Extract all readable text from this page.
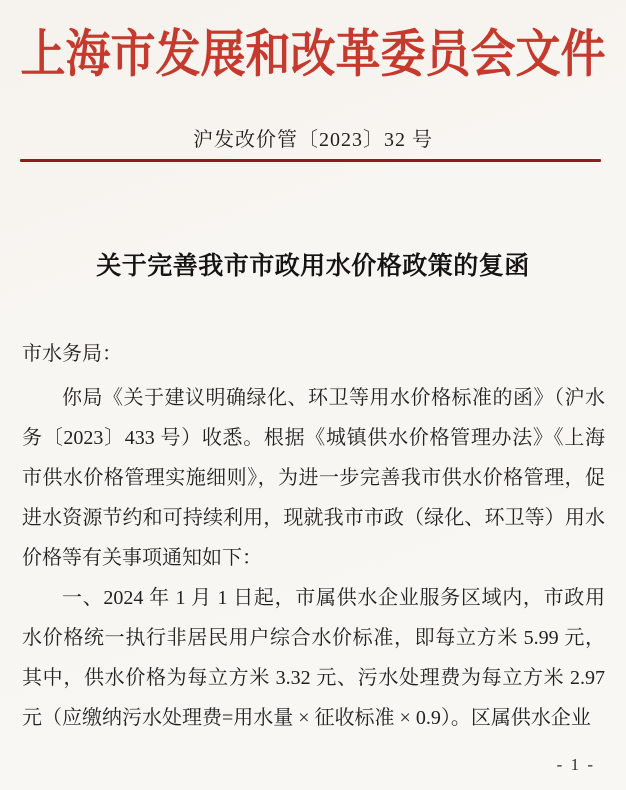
上海市发展和改革委员会文件
沪发改价管〔2023〕32 号
关于完善我市市政用水价格政策的复函
市水务局：

你局《关于建议明确绿化、环卫等用水价格标准的函》（沪水务〔2023〕433 号）收悉。根据《城镇供水价格管理办法》《上海市供水价格管理实施细则》，为进一步完善我市供水价格管理，促进水资源节约和可持续利用，现就我市市政（绿化、环卫等）用水价格等有关事项通知如下：

一、2024 年 1 月 1 日起，市属供水企业服务区域内，市政用水价格统一执行非居民用户综合水价标准，即每立方米 5.99 元，其中，供水价格为每立方米 3.32 元、污水处理费为每立方米 2.97 元（应缴纳污水处理费=用水量 × 征收标准 × 0.9）。区属供水企业

- 1 -
